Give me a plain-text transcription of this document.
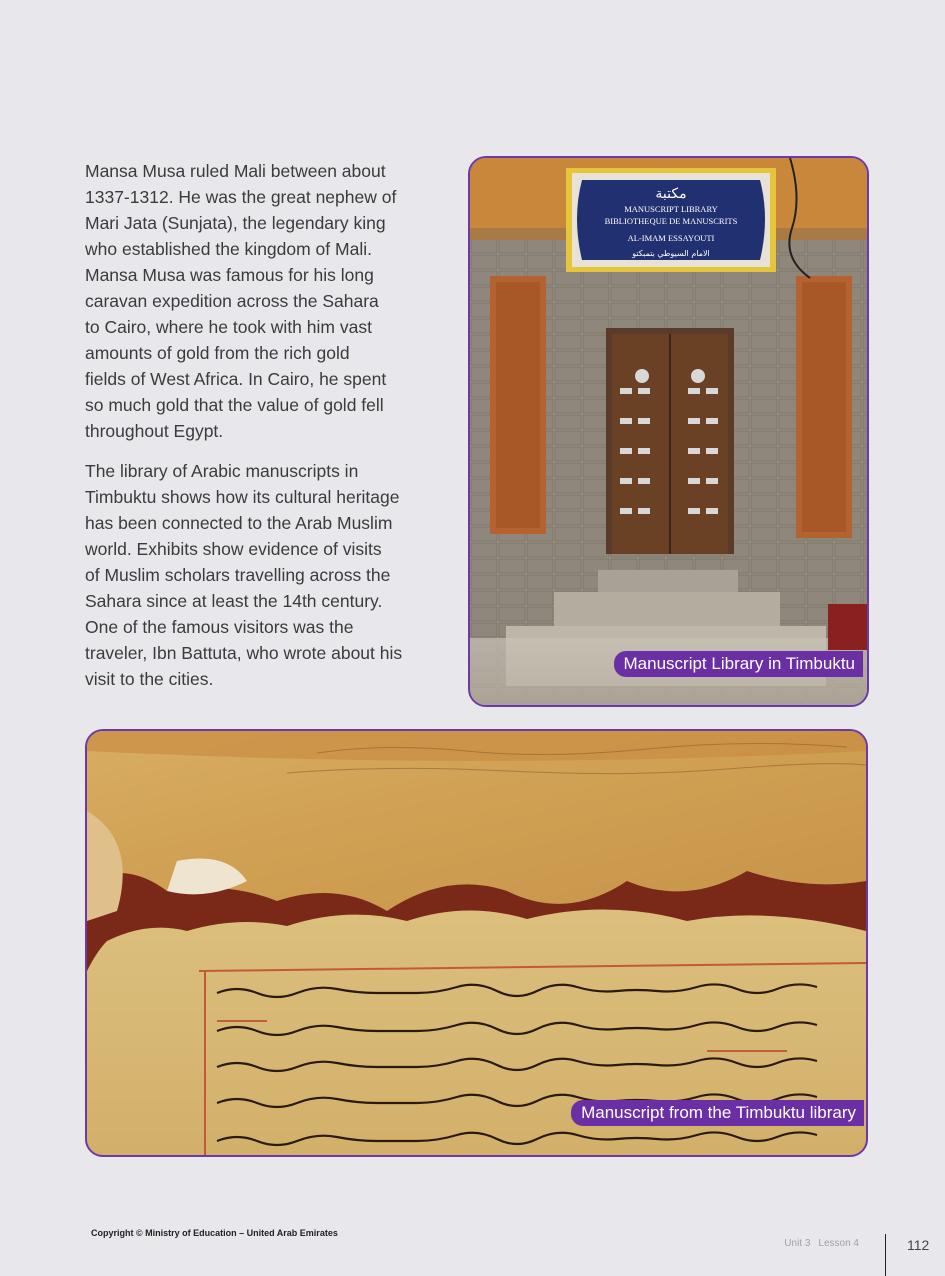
Mansa Musa ruled Mali between about
1337-1312. He was the great nephew of
Mari Jata (Sunjata), the legendary king
who established the kingdom of Mali.
Mansa Musa was famous for his long
caravan expedition across the Sahara
to Cairo, where he took with him vast
amounts of gold from the rich gold
fields of West Africa. In Cairo, he spent
so much gold that the value of gold fell
throughout Egypt.

The library of Arabic manuscripts in
Timbuktu shows how its cultural heritage
has been connected to the Arab Muslim
world. Exhibits show evidence of visits
of Muslim scholars travelling across the
Sahara since at least the 14th century.
One of the famous visitors was the
traveler, Ibn Battuta, who wrote about his
visit to the cities.

مكتبة
MANUSCRIPT LIBRARY
BIBLIOTHEQUE DE MANUSCRITS
AL-IMAM ESSAYOUTI
الامام السيوطي بتمبكتو
Manuscript Library in Timbuktu
Manuscript from the Timbuktu library
Copyright © Ministry of Education – United Arab Emirates
Unit 3 Lesson 4	112
